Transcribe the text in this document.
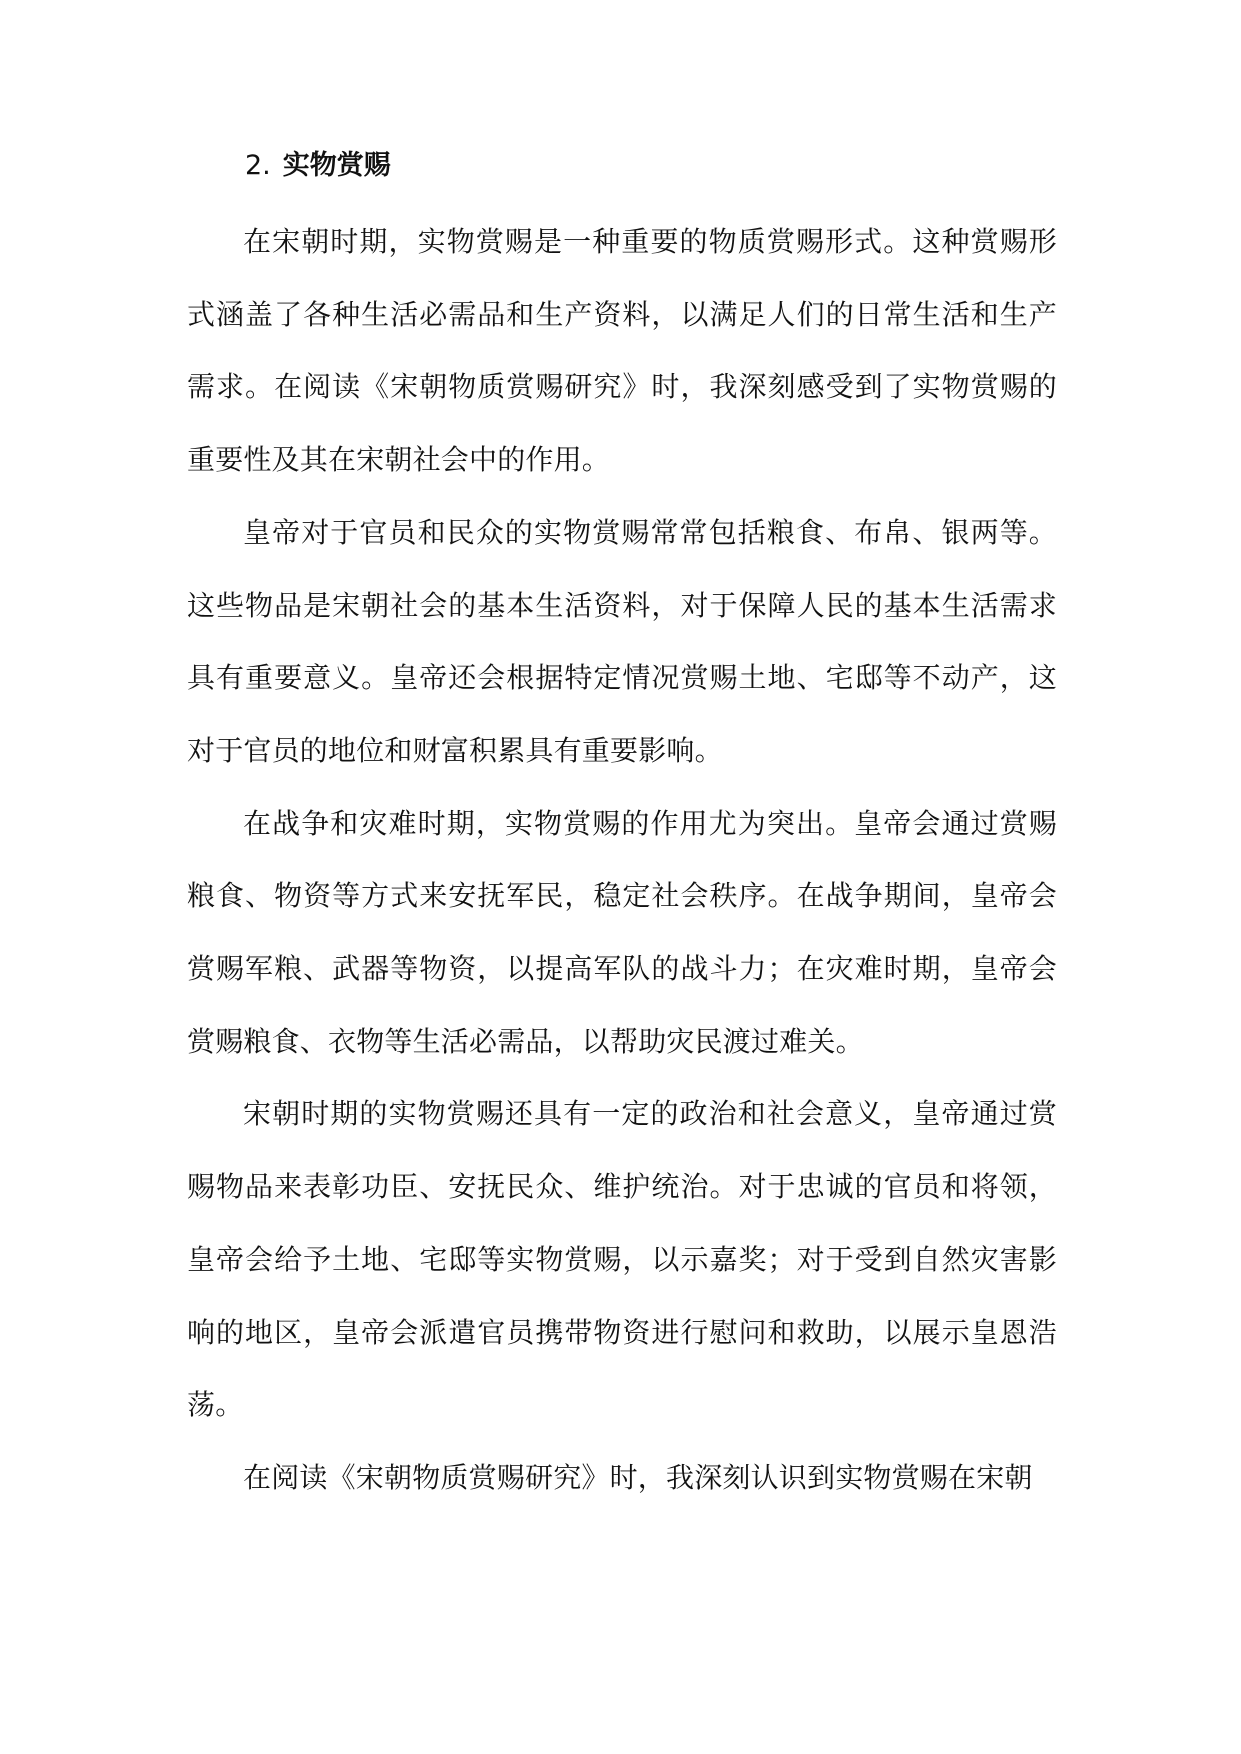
2. 实物赏赐

在宋朝时期，实物赏赐是一种重要的物质赏赐形式。这种赏赐形式涵盖了各种生活必需品和生产资料，以满足人们的日常生活和生产需求。在阅读《宋朝物质赏赐研究》时，我深刻感受到了实物赏赐的重要性及其在宋朝社会中的作用。

皇帝对于官员和民众的实物赏赐常常包括粮食、布帛、银两等。这些物品是宋朝社会的基本生活资料，对于保障人民的基本生活需求具有重要意义。皇帝还会根据特定情况赏赐土地、宅邸等不动产，这对于官员的地位和财富积累具有重要影响。

在战争和灾难时期，实物赏赐的作用尤为突出。皇帝会通过赏赐粮食、物资等方式来安抚军民，稳定社会秩序。在战争期间，皇帝会赏赐军粮、武器等物资，以提高军队的战斗力；在灾难时期，皇帝会赏赐粮食、衣物等生活必需品，以帮助灾民渡过难关。

宋朝时期的实物赏赐还具有一定的政治和社会意义，皇帝通过赏赐物品来表彰功臣、安抚民众、维护统治。对于忠诚的官员和将领，皇帝会给予土地、宅邸等实物赏赐，以示嘉奖；对于受到自然灾害影响的地区，皇帝会派遣官员携带物资进行慰问和救助，以展示皇恩浩荡。

在阅读《宋朝物质赏赐研究》时，我深刻认识到实物赏赐在宋朝
